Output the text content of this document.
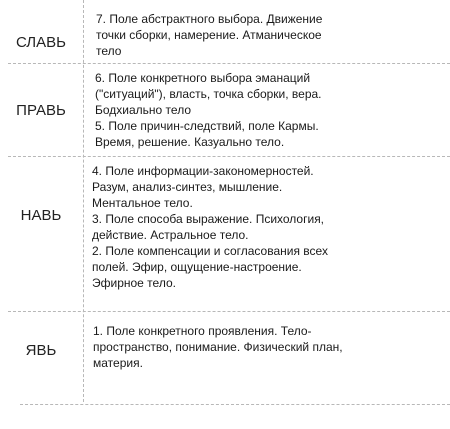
СЛАВЬ
7. Поле абстрактного выбора. Движение
точки сборки, намерение. Атманическое
тело
ПРАВЬ
6. Поле конкретного выбора эманаций
("ситуаций"), власть, точка сборки, вера.
Бодхиально тело
5. Поле причин-следствий, поле Кармы.
Время, решение. Казуально тело.
НАВЬ
4. Поле информации-закономерностей.
Разум, анализ-синтез, мышление.
Ментальное тело.
3. Поле способа выражение. Психология,
действие. Астральное тело.
2. Поле компенсации и согласования всех
полей. Эфир, ощущение-настроение.
Эфирное тело.
ЯВЬ
1. Поле конкретного проявления. Тело-
пространство, понимание. Физический план,
материя.
